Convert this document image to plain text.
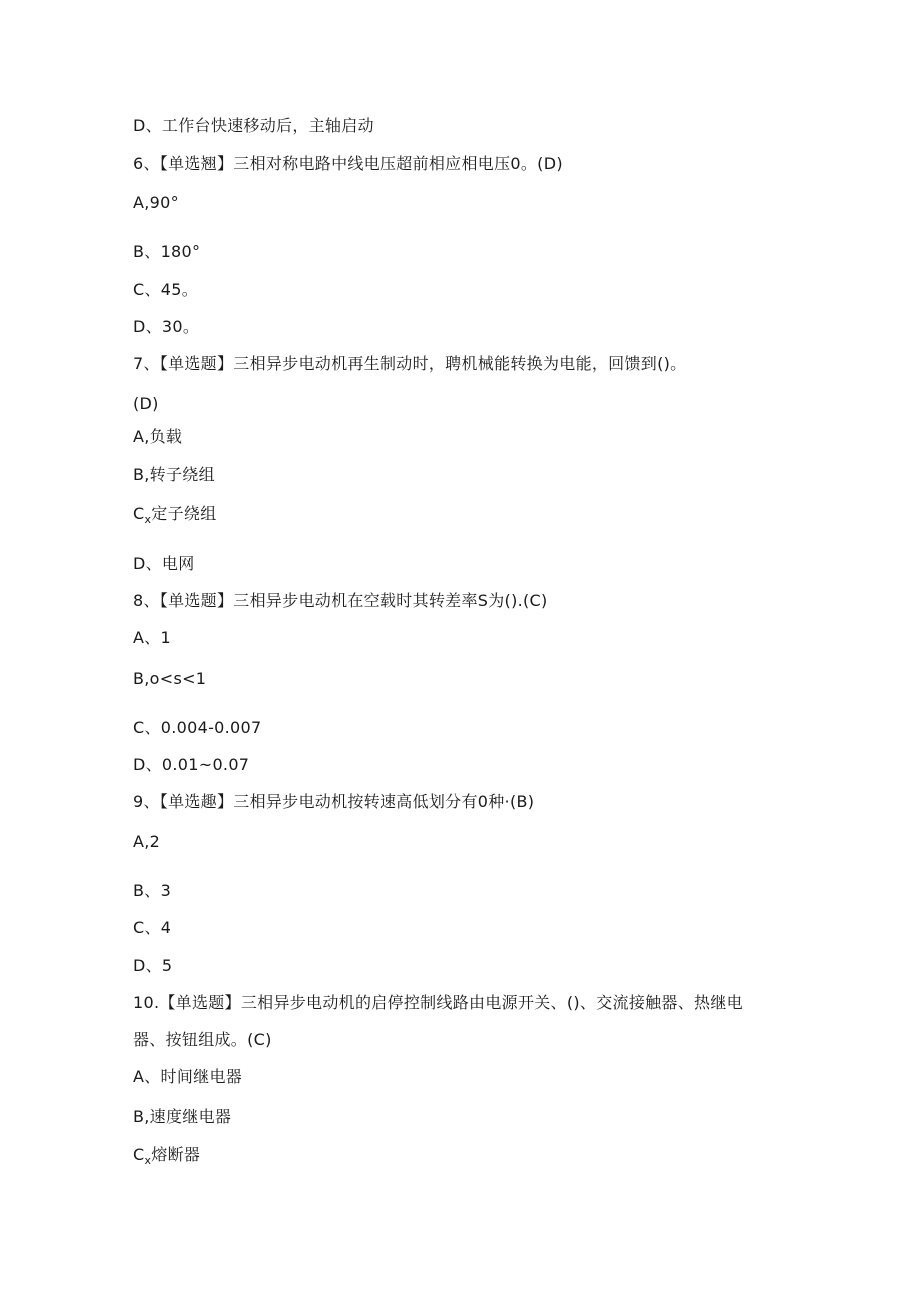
D、工作台快速移动后，主轴启动
6、【单选翘】三相对称电路中线电压超前相应相电压0。(D)
A,90°
B、180°
C、45。
D、30。
7、【单选题】三相异步电动机再生制动时，聘机械能转换为电能，回馈到()。
(D)
A,负载
B,转子绕组
$C_x$定子绕组
D、电网
8、【单选题】三相异步电动机在空载时其转差率S为().(C)
A、1
B,o<s<1
C、0.004-0.007
D、0.01~0.07
9、【单选趣】三相异步电动机按转速高低划分有0种·(B)
A,2
B、3
C、4
D、5
10.【单选题】三相异步电动机的启停控制线路由电源开关、()、交流接触器、热继电
器、按钮组成。(C)
A、时间继电器
B,速度继电器
$C_x$熔断器
